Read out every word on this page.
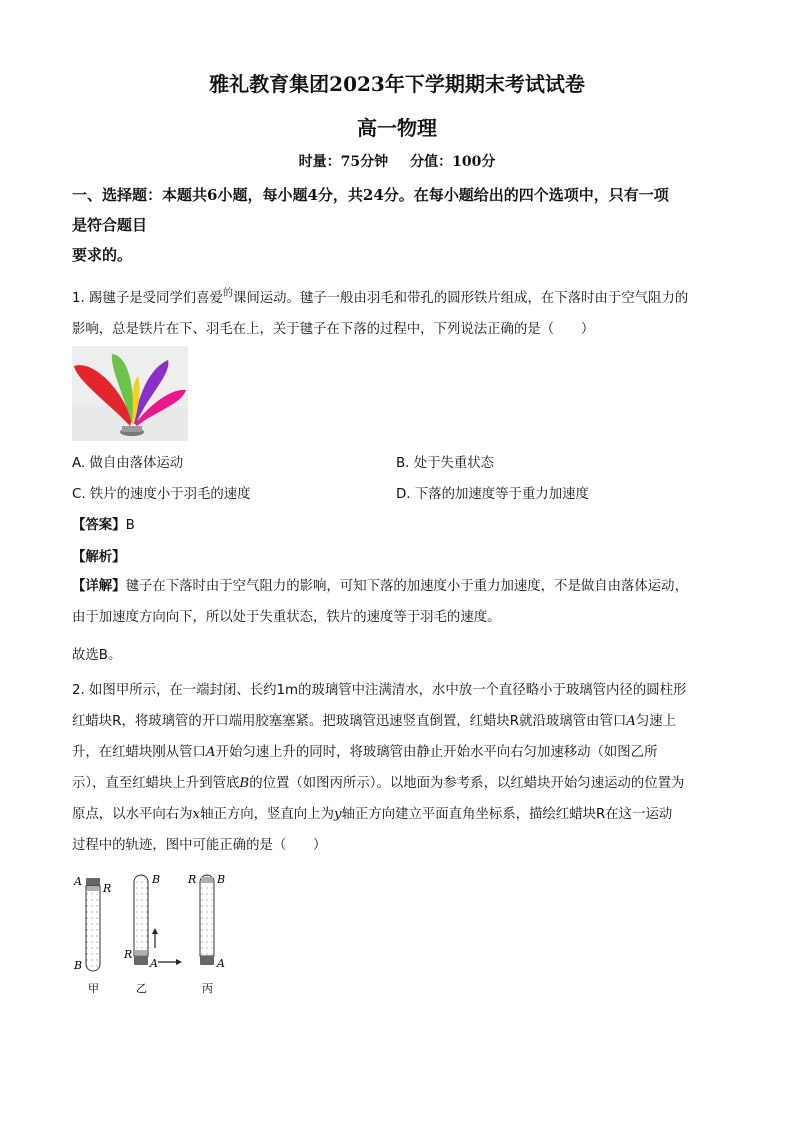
雅礼教育集团2023年下学期期末考试试卷
高一物理
时量：75分钟 分值：100分
一、选择题：本题共6小题，每小题4分，共24分。在每小题给出的四个选项中，只有一项
是符合题目
要求的。
1. 踢毽子是受同学们喜爱$^的$课间运动。毽子一般由羽毛和带孔的圆形铁片组成，在下落时由于空气阻力的
影响，总是铁片在下、羽毛在上，关于毽子在下落的过程中，下列说法正确的是（　　）
A. 做自由落体运动	B. 处于失重状态
C. 铁片的速度小于羽毛的速度	D. 下落的加速度等于重力加速度
【答案】B
【解析】
【详解】毽子在下落时由于空气阻力的影响，可知下落的加速度小于重力加速度，不是做自由落体运动，
由于加速度方向向下，所以处于失重状态，铁片的速度等于羽毛的速度。
故选B。
2. 如图甲所示，在一端封闭、长约1m的玻璃管中注满清水，水中放一个直径略小于玻璃管内径的圆柱形
红蜡块R，将玻璃管的开口端用胶塞塞紧。把玻璃管迅速竖直倒置，红蜡块R就沿玻璃管由管口A匀速上
升，在红蜡块刚从管口A开始匀速上升的同时，将玻璃管由静止开始水平向右匀加速移动（如图乙所
示），直至红蜡块上升到管底B的位置（如图丙所示）。以地面为参考系，以红蜡块开始匀速运动的位置为
原点，以水平向右为x轴正方向，竖直向上为y轴正方向建立平面直角坐标系，描绘红蜡块R在这一运动
过程中的轨迹，图中可能正确的是（　　）
A
R
B
甲
B
R
A
乙
R B
A
丙
